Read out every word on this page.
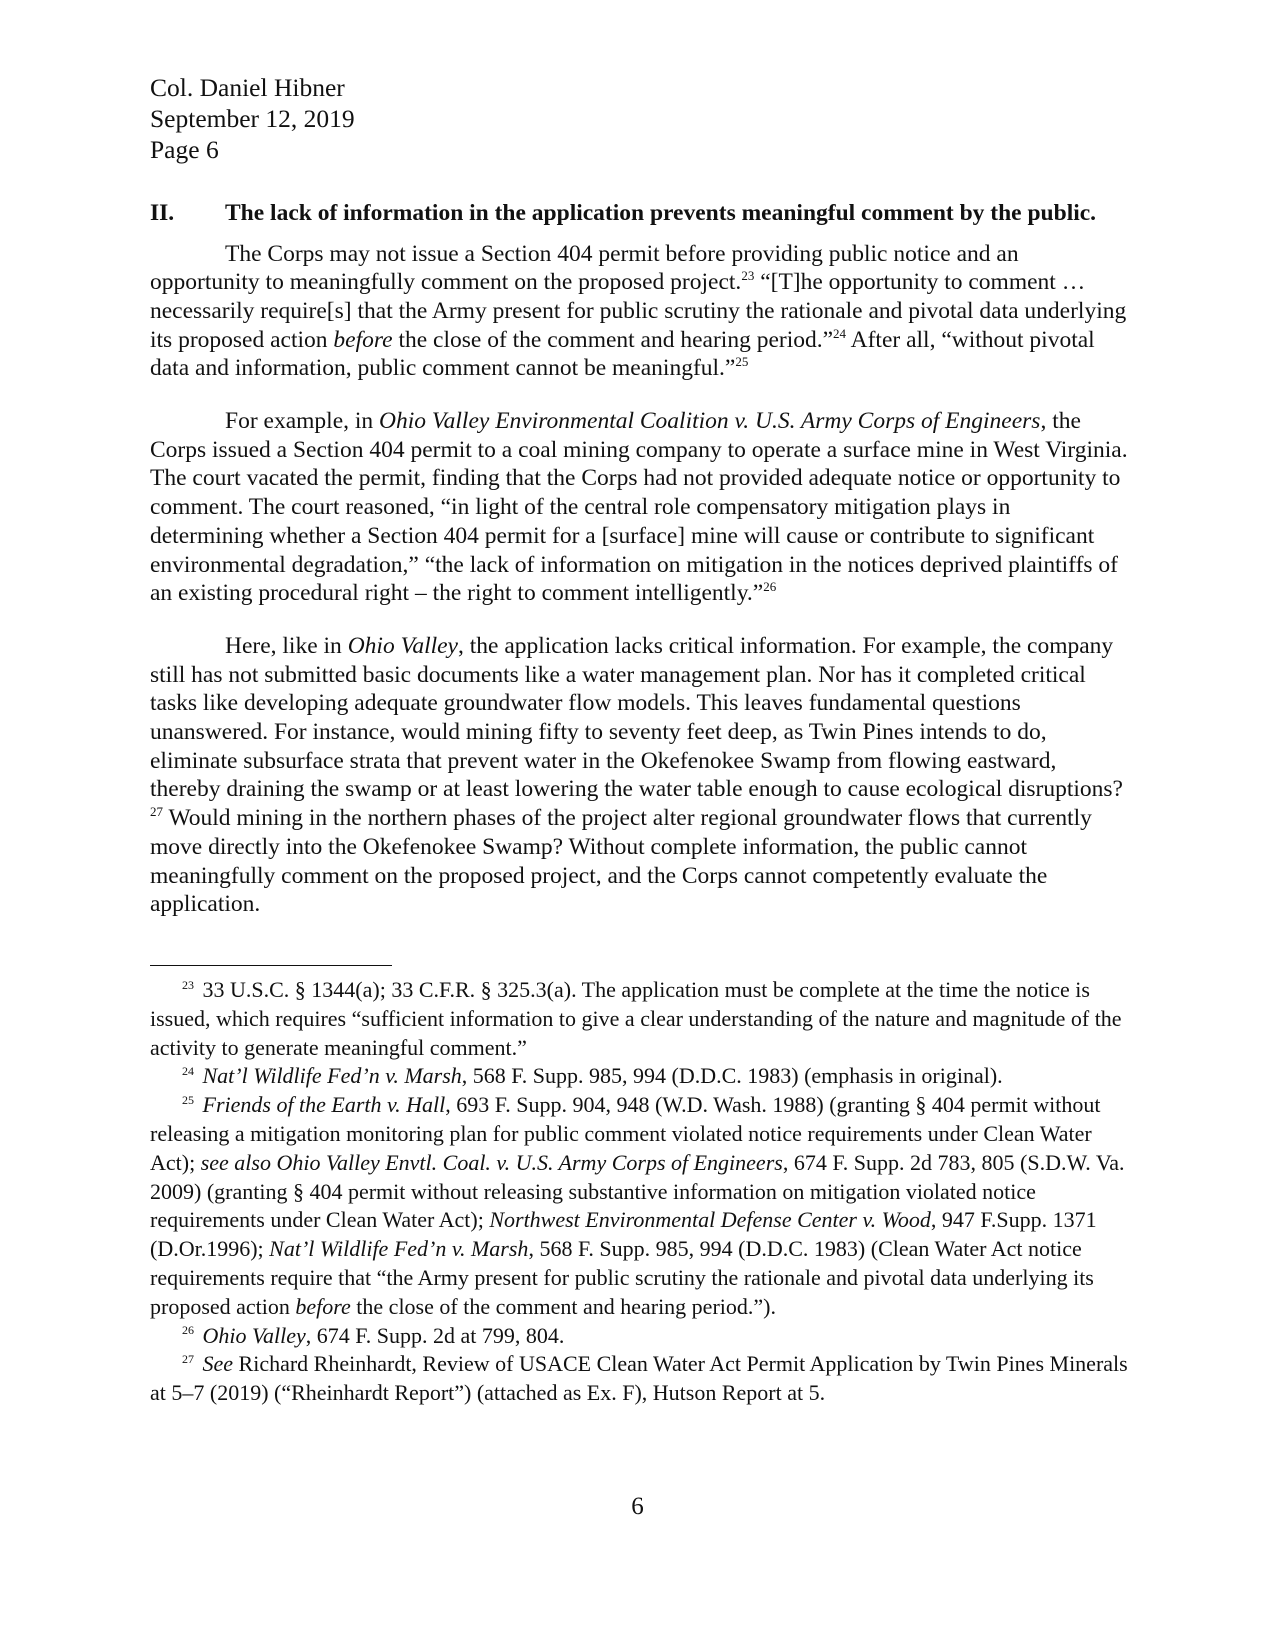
Col. Daniel Hibner
September 12, 2019
Page 6
II.	The lack of information in the application prevents meaningful comment by the public.

The Corps may not issue a Section 404 permit before providing public notice and an opportunity to meaningfully comment on the proposed project.$^{23}$ “[T]he opportunity to comment … necessarily require[s] that the Army present for public scrutiny the rationale and pivotal data underlying its proposed action before the close of the comment and hearing period.”$^{24}$ After all, “without pivotal data and information, public comment cannot be meaningful.”$^{25}$

For example, in Ohio Valley Environmental Coalition v. U.S. Army Corps of Engineers, the Corps issued a Section 404 permit to a coal mining company to operate a surface mine in West Virginia. The court vacated the permit, finding that the Corps had not provided adequate notice or opportunity to comment. The court reasoned, “in light of the central role compensatory mitigation plays in determining whether a Section 404 permit for a [surface] mine will cause or contribute to significant environmental degradation,” “the lack of information on mitigation in the notices deprived plaintiffs of an existing procedural right – the right to comment intelligently.”$^{26}$

Here, like in Ohio Valley, the application lacks critical information. For example, the company still has not submitted basic documents like a water management plan. Nor has it completed critical tasks like developing adequate groundwater flow models. This leaves fundamental questions unanswered. For instance, would mining fifty to seventy feet deep, as Twin Pines intends to do, eliminate subsurface strata that prevent water in the Okefenokee Swamp from flowing eastward, thereby draining the swamp or at least lowering the water table enough to cause ecological disruptions?$^{27}$ Would mining in the northern phases of the project alter regional groundwater flows that currently move directly into the Okefenokee Swamp? Without complete information, the public cannot meaningfully comment on the proposed project, and the Corps cannot competently evaluate the application.

$^{23}$ 33 U.S.C. § 1344(a); 33 C.F.R. § 325.3(a). The application must be complete at the time the notice is issued, which requires “sufficient information to give a clear understanding of the nature and magnitude of the activity to generate meaningful comment.”

$^{24}$ Nat’l Wildlife Fed’n v. Marsh, 568 F. Supp. 985, 994 (D.D.C. 1983) (emphasis in original).

$^{25}$ Friends of the Earth v. Hall, 693 F. Supp. 904, 948 (W.D. Wash. 1988) (granting § 404 permit without releasing a mitigation monitoring plan for public comment violated notice requirements under Clean Water Act); see also Ohio Valley Envtl. Coal. v. U.S. Army Corps of Engineers, 674 F. Supp. 2d 783, 805 (S.D.W. Va. 2009) (granting § 404 permit without releasing substantive information on mitigation violated notice requirements under Clean Water Act); Northwest Environmental Defense Center v. Wood, 947 F.Supp. 1371 (D.Or.1996); Nat’l Wildlife Fed’n v. Marsh, 568 F. Supp. 985, 994 (D.D.C. 1983) (Clean Water Act notice requirements require that “the Army present for public scrutiny the rationale and pivotal data underlying its proposed action before the close of the comment and hearing period.”).

$^{26}$ Ohio Valley, 674 F. Supp. 2d at 799, 804.

$^{27}$ See Richard Rheinhardt, Review of USACE Clean Water Act Permit Application by Twin Pines Minerals at 5–7 (2019) (“Rheinhardt Report”) (attached as Ex. F), Hutson Report at 5.

6
